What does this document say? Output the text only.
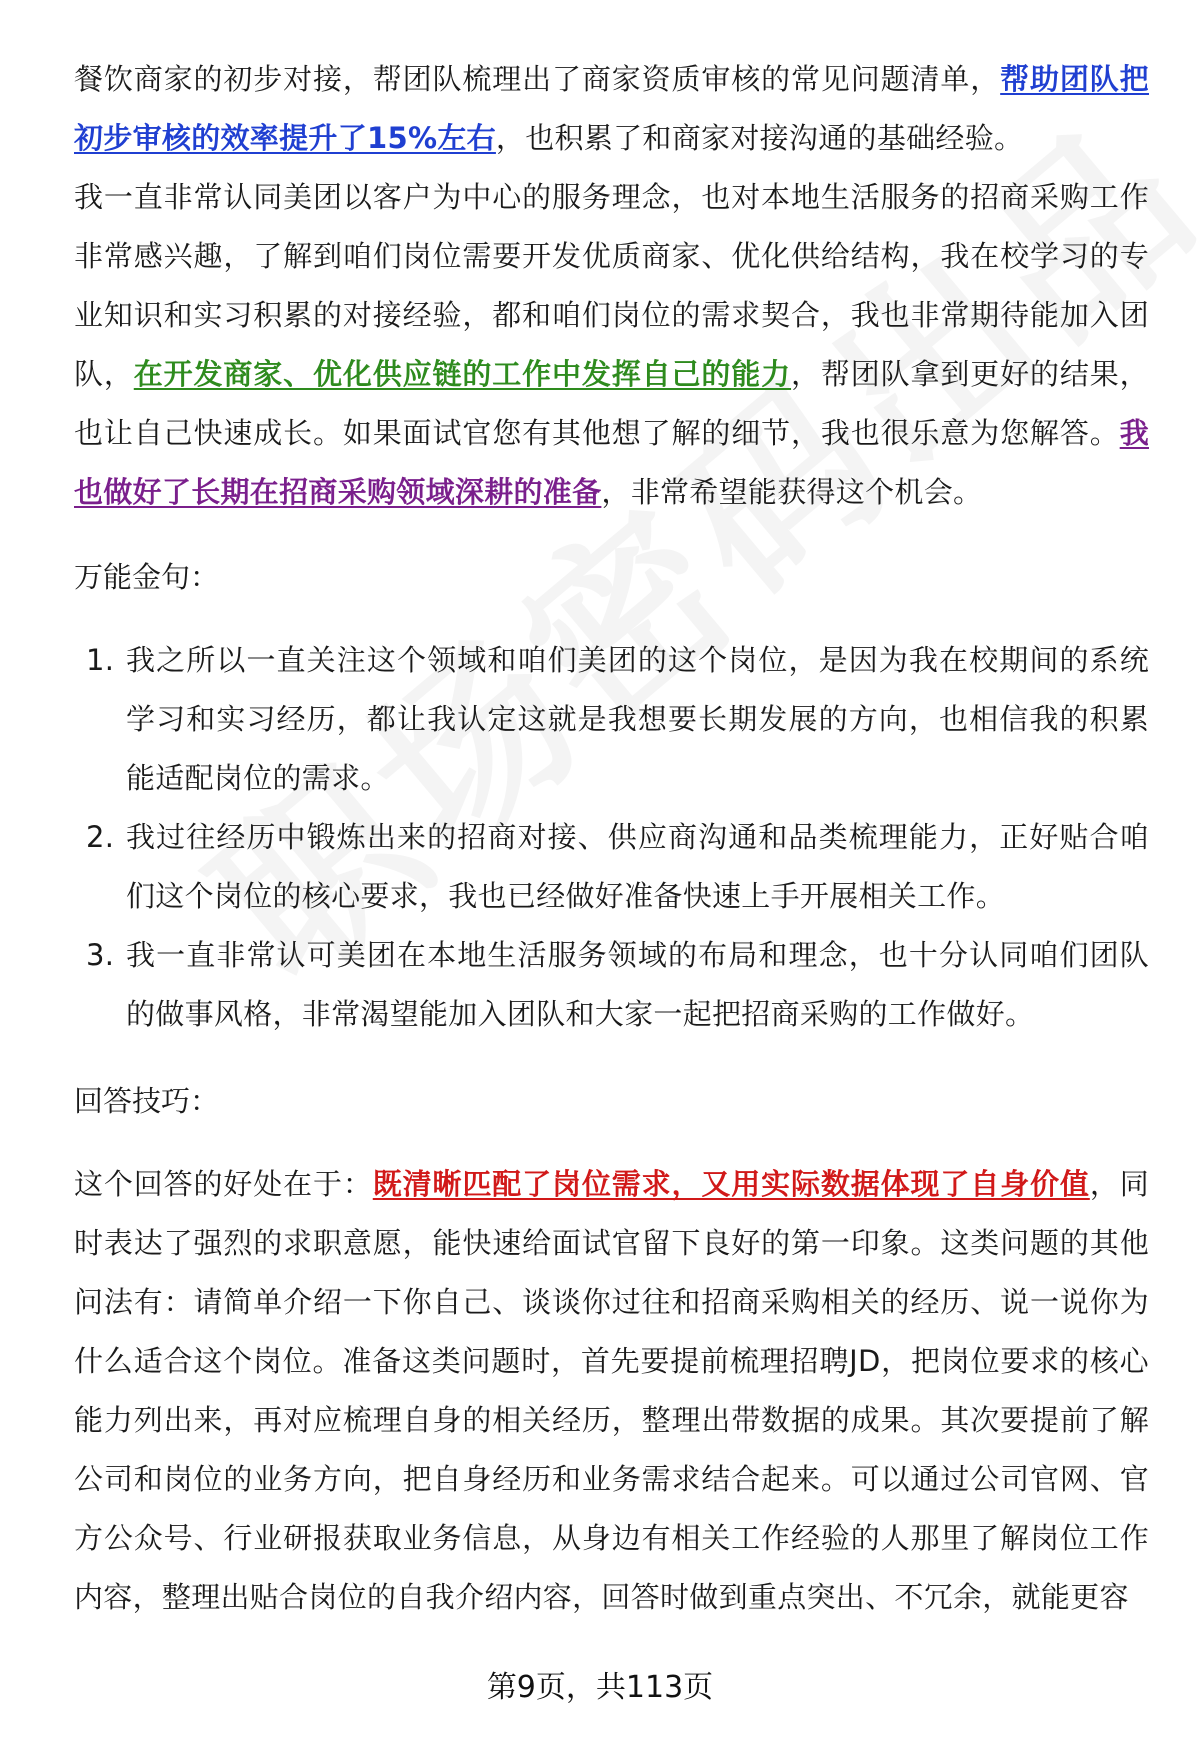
餐饮商家的初步对接，帮团队梳理出了商家资质审核的常见问题清单，帮助团队把初步审核的效率提升了15%左右，也积累了和商家对接沟通的基础经验。

我一直非常认同美团以客户为中心的服务理念，也对本地生活服务的招商采购工作非常感兴趣，了解到咱们岗位需要开发优质商家、优化供给结构，我在校学习的专业知识和实习积累的对接经验，都和咱们岗位的需求契合，我也非常期待能加入团队，在开发商家、优化供应链的工作中发挥自己的能力，帮团队拿到更好的结果，也让自己快速成长。如果面试官您有其他想了解的细节，我也很乐意为您解答。我也做好了长期在招商采购领域深耕的准备，非常希望能获得这个机会。

万能金句：

1. 我之所以一直关注这个领域和咱们美团的这个岗位，是因为我在校期间的系统学习和实习经历，都让我认定这就是我想要长期发展的方向，也相信我的积累能适配岗位的需求。
2. 我过往经历中锻炼出来的招商对接、供应商沟通和品类梳理能力，正好贴合咱们这个岗位的核心要求，我也已经做好准备快速上手开展相关工作。
3. 我一直非常认可美团在本地生活服务领域的布局和理念，也十分认同咱们团队的做事风格，非常渴望能加入团队和大家一起把招商采购的工作做好。

回答技巧：

这个回答的好处在于：既清晰匹配了岗位需求，又用实际数据体现了自身价值，同时表达了强烈的求职意愿，能快速给面试官留下良好的第一印象。这类问题的其他问法有：请简单介绍一下你自己、谈谈你过往和招商采购相关的经历、说一说你为什么适合这个岗位。准备这类问题时，首先要提前梳理招聘JD，把岗位要求的核心能力列出来，再对应梳理自身的相关经历，整理出带数据的成果。其次要提前了解公司和岗位的业务方向，把自身经历和业务需求结合起来。可以通过公司官网、官方公众号、行业研报获取业务信息，从身边有相关工作经验的人那里了解岗位工作内容，整理出贴合岗位的自我介绍内容，回答时做到重点突出、不冗余，就能更容

第9页，共113页
